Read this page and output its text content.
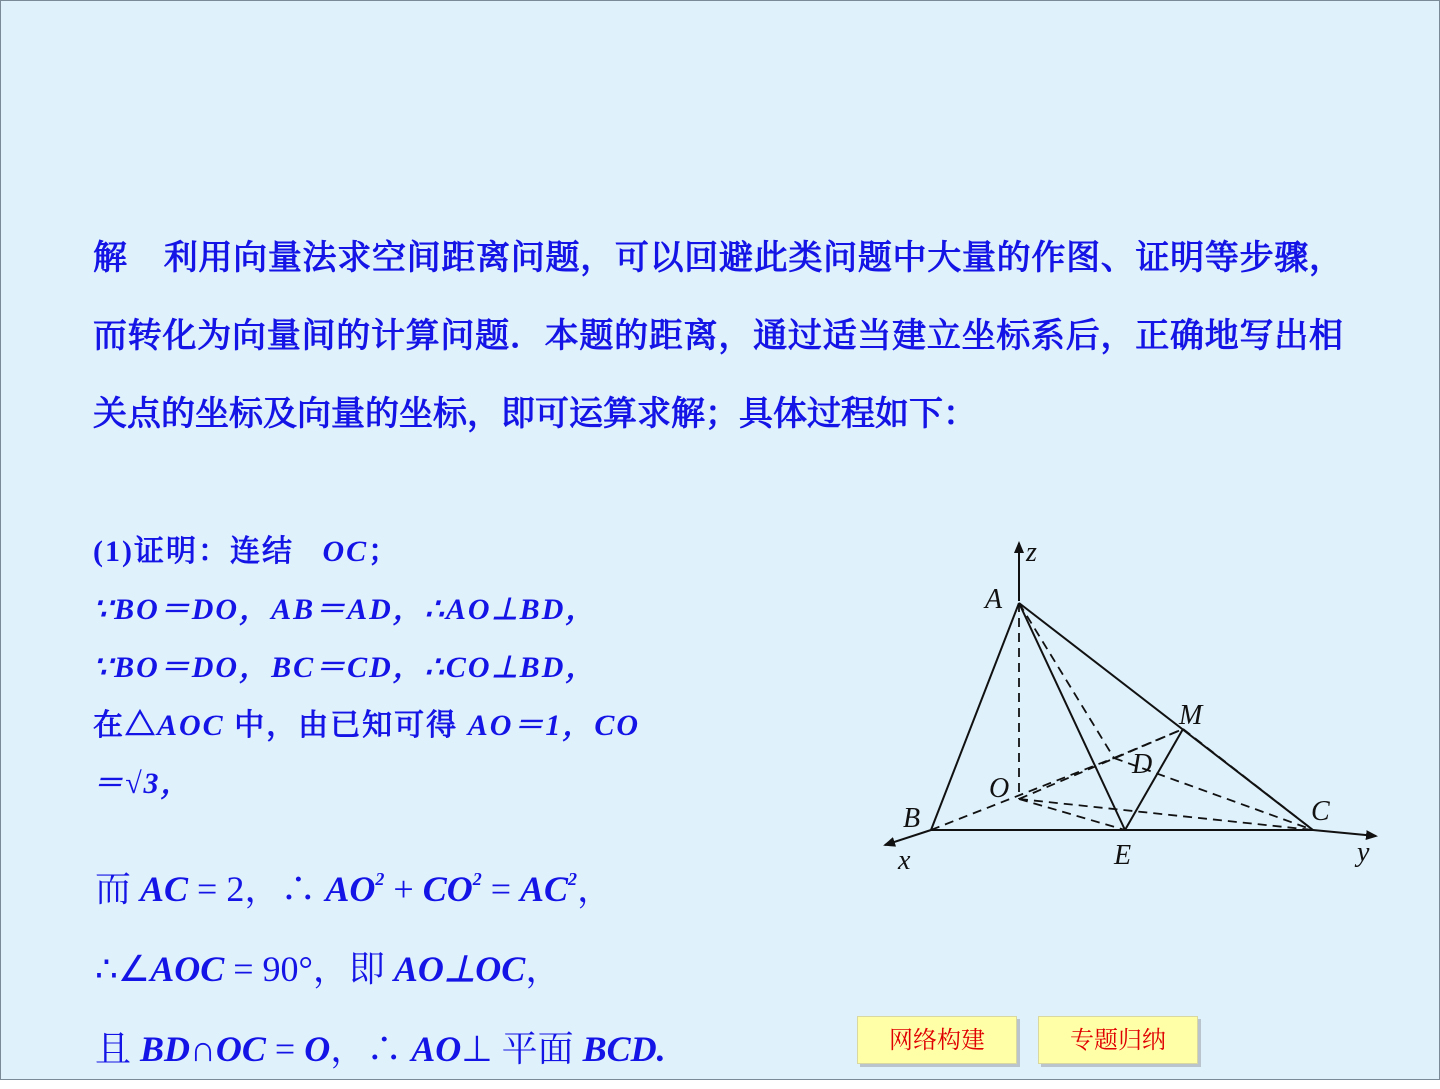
解 利用向量法求空间距离问题，可以回避此类问题中大量的作图、证明等步骤，而转化为向量间的计算问题．本题的距离，通过适当建立坐标系后，正确地写出相关点的坐标及向量的坐标，即可运算求解；具体过程如下：
(1)证明：连结 OC；
∵BO＝DO，AB＝AD，∴AO⊥BD，
∵BO＝DO，BC＝CD，∴CO⊥BD，
在△AOC 中，由已知可得 AO＝1，CO
＝√3，
而 AC = 2，∴ $AO^2 + CO^2 = AC^2$，
∴∠AOC = 90°，即 AO⊥OC，
且 BD∩OC = O，∴ AO⊥ 平面 BCD.
z
A
M
D
O
B	C
E
x	y
网络构建	专题归纳
